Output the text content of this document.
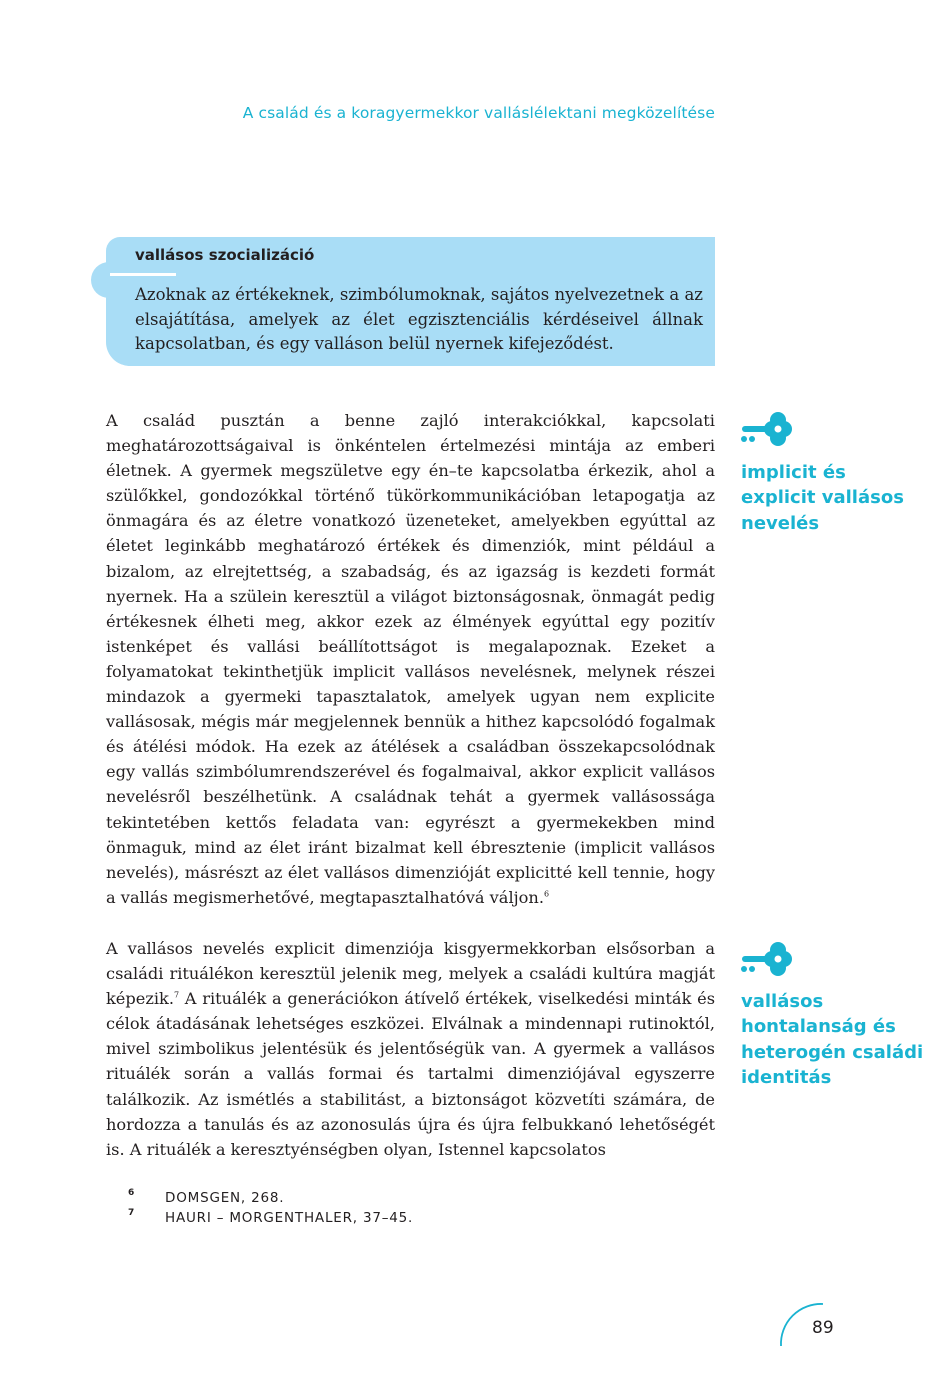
A család és a koragyermekkor valláslélektani megközelítése
vallásos szocializáció
Azoknak az értékeknek, szimbólumoknak, sajátos nyelvezetnek a az elsajátítása, amelyek az élet egzisztenciális kérdéseivel állnak kapcsolatban, és egy valláson belül nyernek kifejeződést.
A család pusztán a benne zajló interakciókkal, kapcsolati meghatározottságaival is önkéntelen értelmezési mintája az emberi életnek. A gyermek megszületve egy én–te kapcsolatba érkezik, ahol a szülőkkel, gondozókkal történő tükörkommunikációban letapogatja az önmagára és az életre vonatkozó üzeneteket, amelyekben egyúttal az életet leginkább meghatározó értékek és dimenziók, mint például a bizalom, az elrejtettség, a szabadság, és az igazság is kezdeti formát nyernek. Ha a szülein keresztül a világot biztonságosnak, önmagát pedig értékesnek élheti meg, akkor ezek az élmények egyúttal egy pozitív istenképet és vallási beállítottságot is megalapoznak. Ezeket a folyamatokat tekinthetjük implicit vallásos nevelésnek, melynek részei mindazok a gyermeki tapasztalatok, amelyek ugyan nem explicite vallásosak, mégis már megjelennek bennük a hithez kapcsolódó fogalmak és átélési módok. Ha ezek az átélések a családban összekapcsolódnak egy vallás szimbólumrendszerével és fogalmaival, akkor explicit vallásos nevelésről beszélhetünk. A családnak tehát a gyermek vallásossága tekintetében kettős feladata van: egyrészt a gyermekekben mind önmaguk, mind az élet iránt bizalmat kell ébresztenie (implicit vallásos nevelés), másrészt az élet vallásos dimenzióját explicitté kell tennie, hogy a vallás megismerhetővé, megtapasztalhatóvá váljon.$^6$
A vallásos nevelés explicit dimenziója kisgyermekkorban elsősorban a családi rituálékon keresztül jelenik meg, melyek a családi kultúra magját képezik.$^7$ A rituálék a generációkon átívelő értékek, viselkedési minták és célok átadásának lehetséges eszközei. Elválnak a mindennapi rutinoktól, mivel szimbolikus jelentésük és jelentőségük van. A gyermek a vallásos rituálék során a vallás formai és tartalmi dimenziójával egyszerre találkozik. Az ismétlés a stabilitást, a biztonságot közvetíti számára, de hordozza a tanulás és az azonosulás újra és újra felbukkanó lehetőségét is. A rituálék a keresztyénségben olyan, Istennel kapcsolatos
implicit és explicit vallásos nevelés
vallásos hontalanság és heterogén családi identitás
6	DOMSGEN, 268.
7	HAURI – MORGENTHALER, 37–45.
89
